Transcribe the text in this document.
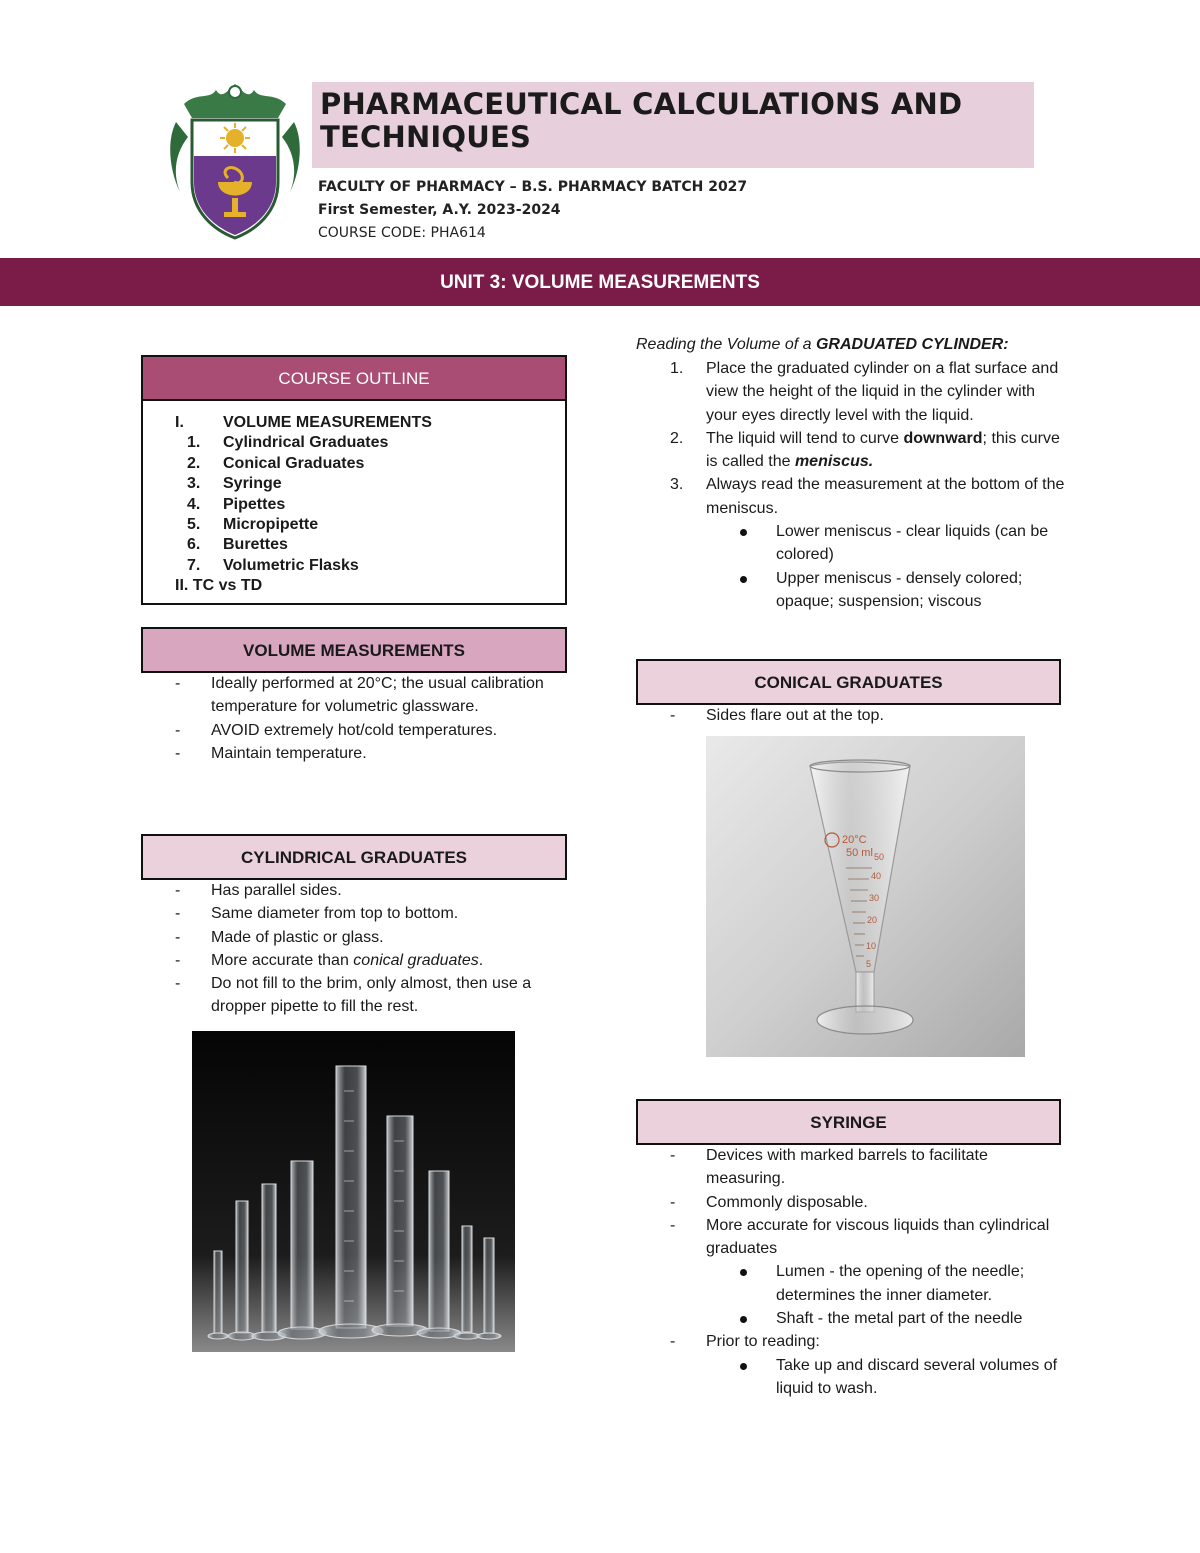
PHARMACEUTICAL CALCULATIONS AND TECHNIQUES
FACULTY OF PHARMACY – B.S. PHARMACY BATCH 2027
First Semester, A.Y. 2023-2024
COURSE CODE: PHA614
UNIT 3: VOLUME MEASUREMENTS
COURSE OUTLINE
I. VOLUME MEASUREMENTS
1. Cylindrical Graduates
2. Conical Graduates
3. Syringe
4. Pipettes
5. Micropipette
6. Burettes
7. Volumetric Flasks
II. TC vs TD
VOLUME MEASUREMENTS
- Ideally performed at 20°C; the usual calibration temperature for volumetric glassware.
- AVOID extremely hot/cold temperatures.
- Maintain temperature.
CYLINDRICAL GRADUATES
- Has parallel sides.
- Same diameter from top to bottom.
- Made of plastic or glass.
- More accurate than conical graduates.
- Do not fill to the brim, only almost, then use a dropper pipette to fill the rest.
Reading the Volume of a GRADUATED CYLINDER:
1. Place the graduated cylinder on a flat surface and view the height of the liquid in the cylinder with your eyes directly level with the liquid.
2. The liquid will tend to curve downward; this curve is called the meniscus.
3. Always read the measurement at the bottom of the meniscus.
Lower meniscus - clear liquids (can be colored)
Upper meniscus - densely colored; opaque; suspension; viscous
CONICAL GRADUATES
- Sides flare out at the top.
20°C
50 ml 50
40
30
20
10
5
SYRINGE
- Devices with marked barrels to facilitate measuring.
- Commonly disposable.
- More accurate for viscous liquids than cylindrical graduates
Lumen - the opening of the needle; determines the inner diameter.
Shaft - the metal part of the needle
- Prior to reading:
Take up and discard several volumes of liquid to wash.
